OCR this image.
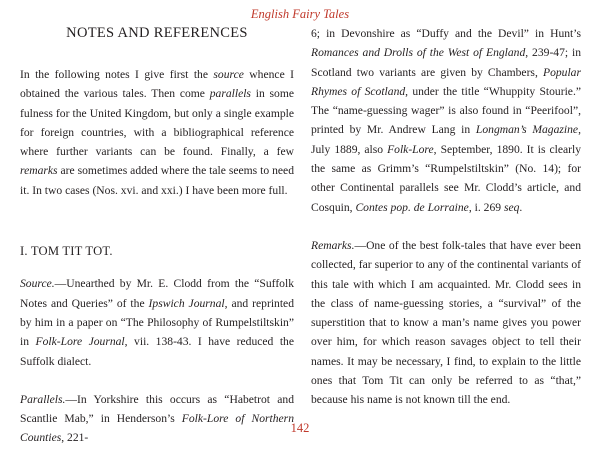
English Fairy Tales

NOTES AND REFERENCES

In the following notes I give first the source whence I obtained the various tales. Then come parallels in some fulness for the United Kingdom, but only a single example for foreign countries, with a bibliographical reference where further variants can be found. Finally, a few remarks are sometimes added where the tale seems to need it. In two cases (Nos. xvi. and xxi.) I have been more full.

I. TOM TIT TOT.

Source.—Unearthed by Mr. E. Clodd from the “Suffolk Notes and Queries” of the Ipswich Journal, and reprinted by him in a paper on “The Philosophy of Rumpelstiltskin” in Folk-Lore Journal, vii. 138-43. I have reduced the Suffolk dialect.

Parallels.—In Yorkshire this occurs as “Habetrot and Scantlie Mab,” in Henderson’s Folk-Lore of Northern Counties, 221-

6; in Devonshire as “Duffy and the Devil” in Hunt’s Romances and Drolls of the West of England, 239-47; in Scotland two variants are given by Chambers, Popular Rhymes of Scotland, under the title “Whuppity Stourie.” The “name-guessing wager” is also found in “Peerifool”, printed by Mr. Andrew Lang in Longman’s Magazine, July 1889, also Folk-Lore, September, 1890. It is clearly the same as Grimm’s “Rumpelstiltskin” (No. 14); for other Continental parallels see Mr. Clodd’s article, and Cosquin, Contes pop. de Lorraine, i. 269 seq.

Remarks.—One of the best folk-tales that have ever been collected, far superior to any of the continental variants of this tale with which I am acquainted. Mr. Clodd sees in the class of name-guessing stories, a “survival” of the superstition that to know a man’s name gives you power over him, for which reason savages object to tell their names. It may be necessary, I find, to explain to the little ones that Tom Tit can only be referred to as “that,” because his name is not known till the end.

142
